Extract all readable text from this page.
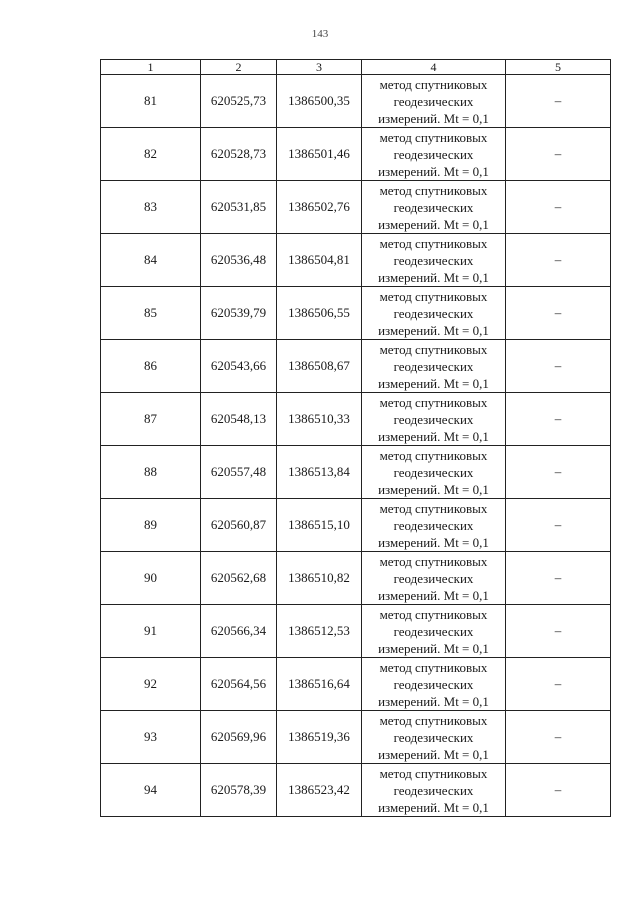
143
1	2	3	4	5
81	620525,73	1386500,35	метод спутниковых
геодезических
измерений. Mt = 0,1	–
82	620528,73	1386501,46	метод спутниковых
геодезических
измерений. Mt = 0,1	–
83	620531,85	1386502,76	метод спутниковых
геодезических
измерений. Mt = 0,1	–
84	620536,48	1386504,81	метод спутниковых
геодезических
измерений. Mt = 0,1	–
85	620539,79	1386506,55	метод спутниковых
геодезических
измерений. Mt = 0,1	–
86	620543,66	1386508,67	метод спутниковых
геодезических
измерений. Mt = 0,1	–
87	620548,13	1386510,33	метод спутниковых
геодезических
измерений. Mt = 0,1	–
88	620557,48	1386513,84	метод спутниковых
геодезических
измерений. Mt = 0,1	–
89	620560,87	1386515,10	метод спутниковых
геодезических
измерений. Mt = 0,1	–
90	620562,68	1386510,82	метод спутниковых
геодезических
измерений. Mt = 0,1	–
91	620566,34	1386512,53	метод спутниковых
геодезических
измерений. Mt = 0,1	–
92	620564,56	1386516,64	метод спутниковых
геодезических
измерений. Mt = 0,1	–
93	620569,96	1386519,36	метод спутниковых
геодезических
измерений. Mt = 0,1	–
94	620578,39	1386523,42	метод спутниковых
геодезических
измерений. Mt = 0,1	–
